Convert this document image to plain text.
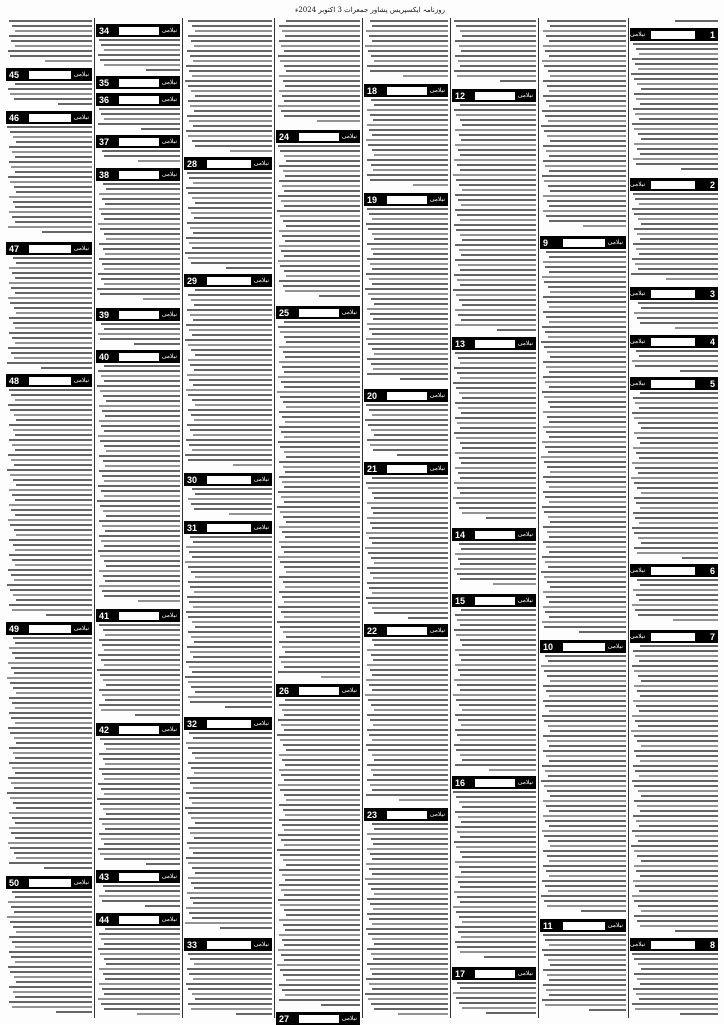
روزنامہ ایکسپریس پشاور جمعرات 3 اکتوبر 2024ء
1
نیلامی
2
نیلامی
3
نیلامی
4
نیلامی
5
نیلامی
6
نیلامی
7
نیلامی
8
نیلامی
9	نیلامی
10	نیلامی
11	نیلامی
12	نیلامی
13	نیلامی
14	نیلامی
15	نیلامی
16	نیلامی
17	نیلامی
18	نیلامی
19	نیلامی
20	نیلامی
21	نیلامی
22	نیلامی
23	نیلامی
24	نیلامی
25	نیلامی
26	نیلامی
27	نیلامی
28	نیلامی
29	نیلامی
30	نیلامی
31	نیلامی
32	نیلامی
33	نیلامی
34	نیلامی
35	نیلامی
36	نیلامی
37	نیلامی
38	نیلامی
39	نیلامی
40	نیلامی
41	نیلامی
42	نیلامی
43	نیلامی
44	نیلامی
45	نیلامی
46	نیلامی
47	نیلامی
48	نیلامی
49	نیلامی
50	نیلامی
